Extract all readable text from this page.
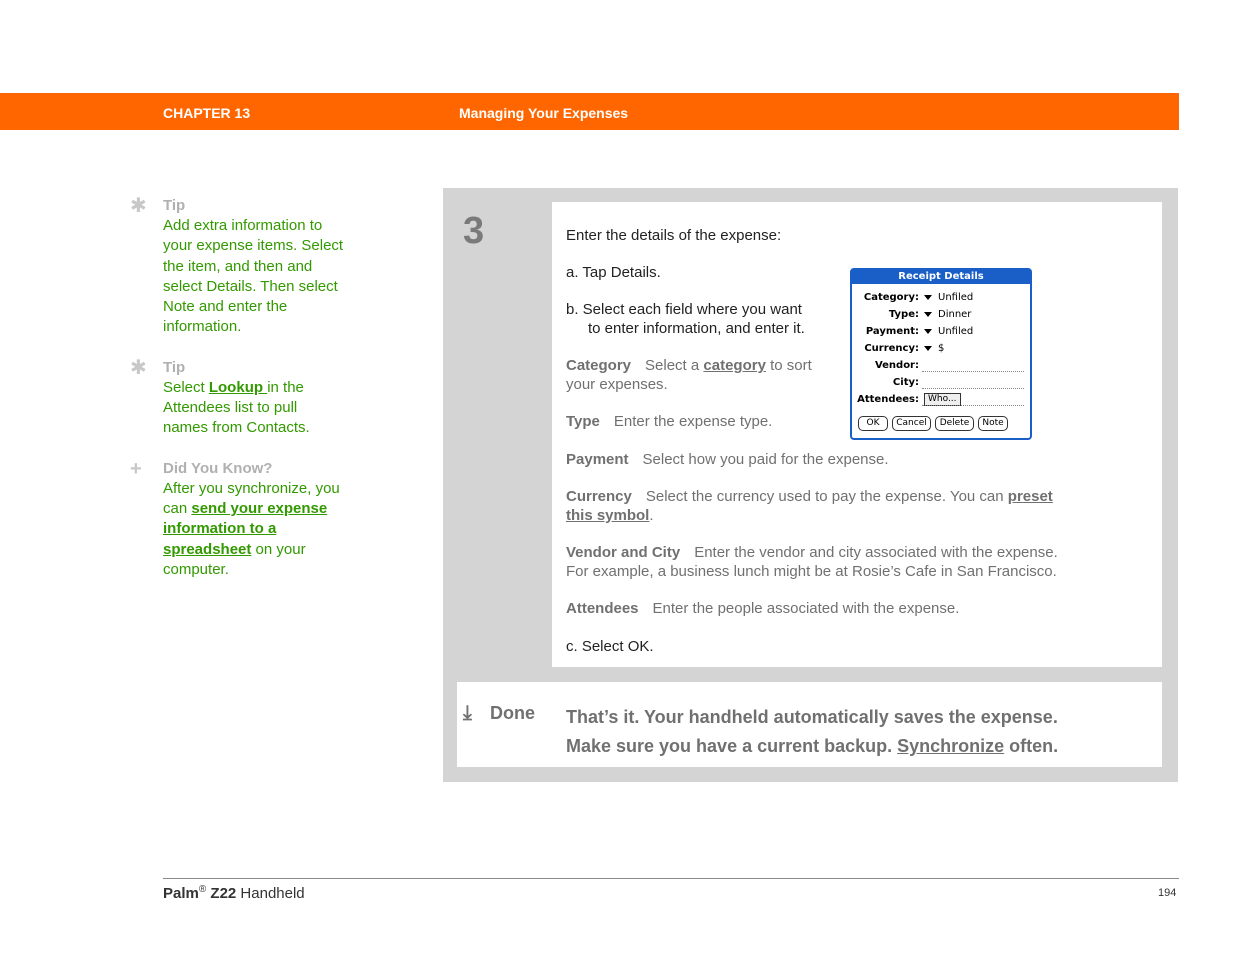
CHAPTER 13	Managing Your Expenses
✱ Tip
Add extra information to your expense items. Select the item, and then and select Details. Then select Note and enter the information.
✱ Tip
Select Lookup in the Attendees list to pull names from Contacts.
+	Did You Know?
After you synchronize, you can send your expense information to a spreadsheet on your computer.
3	Enter the details of the expense:
a. Tap Details.
b. Select each field where you want
to enter information, and enter it.
Category Select a category to sort
your expenses.
Type Enter the expense type.
Payment Select how you paid for the expense.
Currency Select the currency used to pay the expense. You can preset
this symbol.
Vendor and City Enter the vendor and city associated with the expense.
For example, a business lunch might be at Rosie’s Cafe in San Francisco.
Attendees Enter the people associated with the expense.
c. Select OK.
⤓ Done That’s it. Your handheld automatically saves the expense.
Make sure you have a current backup. Synchronize often.
Receipt Details
Category:	Unfiled
Type:	Dinner
Payment:	Unfiled
Currency:	$
Vendor:
City:
Attendees:	Who...
OK	Cancel	Delete	Note
Palm® Z22 Handheld	194
